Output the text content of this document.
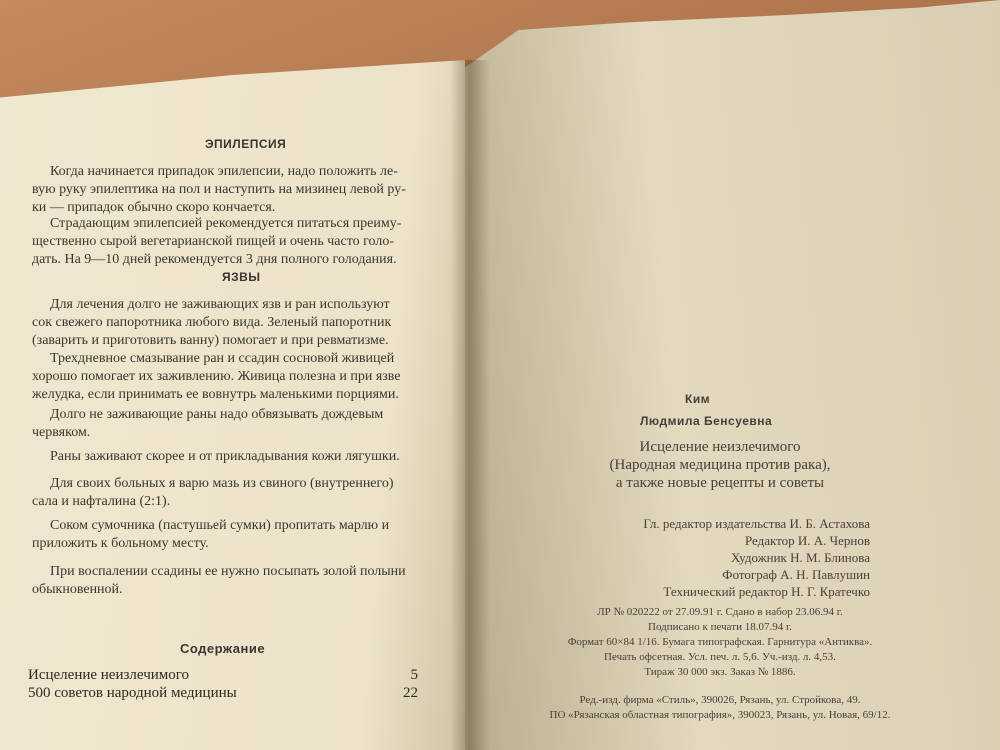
ЭПИЛЕПСИЯ
Когда начинается припадок эпилепсии, надо положить ле-
вую руку эпилептика на пол и наступить на мизинец левой ру-
ки — припадок обычно скоро кончается.
Страдающим эпилепсией рекомендуется питаться преиму-
щественно сырой вегетарианской пищей и очень часто голо-
дать. На 9—10 дней рекомендуется 3 дня полного голодания.
ЯЗВЫ
Для лечения долго не заживающих язв и ран используют
сок свежего папоротника любого вида. Зеленый папоротник
(заварить и приготовить ванну) помогает и при ревматизме.
Трехдневное смазывание ран и ссадин сосновой живицей
хорошо помогает их заживлению. Живица полезна и при язве
желудка, если принимать ее вовнутрь маленькими порциями.
Долго не заживающие раны надо обвязывать дождевым
червяком.
Раны заживают скорее и от прикладывания кожи лягушки.
Для своих больных я варю мазь из свиного (внутреннего)
сала и нафталина (2:1).
Соком сумочника (пастушьей сумки) пропитать марлю и
приложить к больному месту.
При воспалении ссадины ее нужно посыпать золой полыни
обыкновенной.
Содержание
Исцеление неизлечимого	5
500 советов народной медицины	22
Ким
Людмила Бенсуевна
Исцеление неизлечимого
(Народная медицина против рака),
а также новые рецепты и советы
Гл. редактор издательства И. Б. Астахова
Редактор И. А. Чернов
Художник Н. М. Блинова
Фотограф А. Н. Павлушин
Технический редактор Н. Г. Кратечко
ЛР № 020222 от 27.09.91 г. Сдано в набор 23.06.94 г.
Подписано к печати 18.07.94 г.
Формат 60×84 1/16. Бумага типографская. Гарнитура «Антиква».
Печать офсетная. Усл. печ. л. 5,6. Уч.-изд. л. 4,53.
Тираж 30 000 экз. Заказ № 1886.
Ред.-изд. фирма «Стиль», 390026, Рязань, ул. Стройкова, 49.
ПО «Рязанская областная типография», 390023, Рязань, ул. Новая, 69/12.
